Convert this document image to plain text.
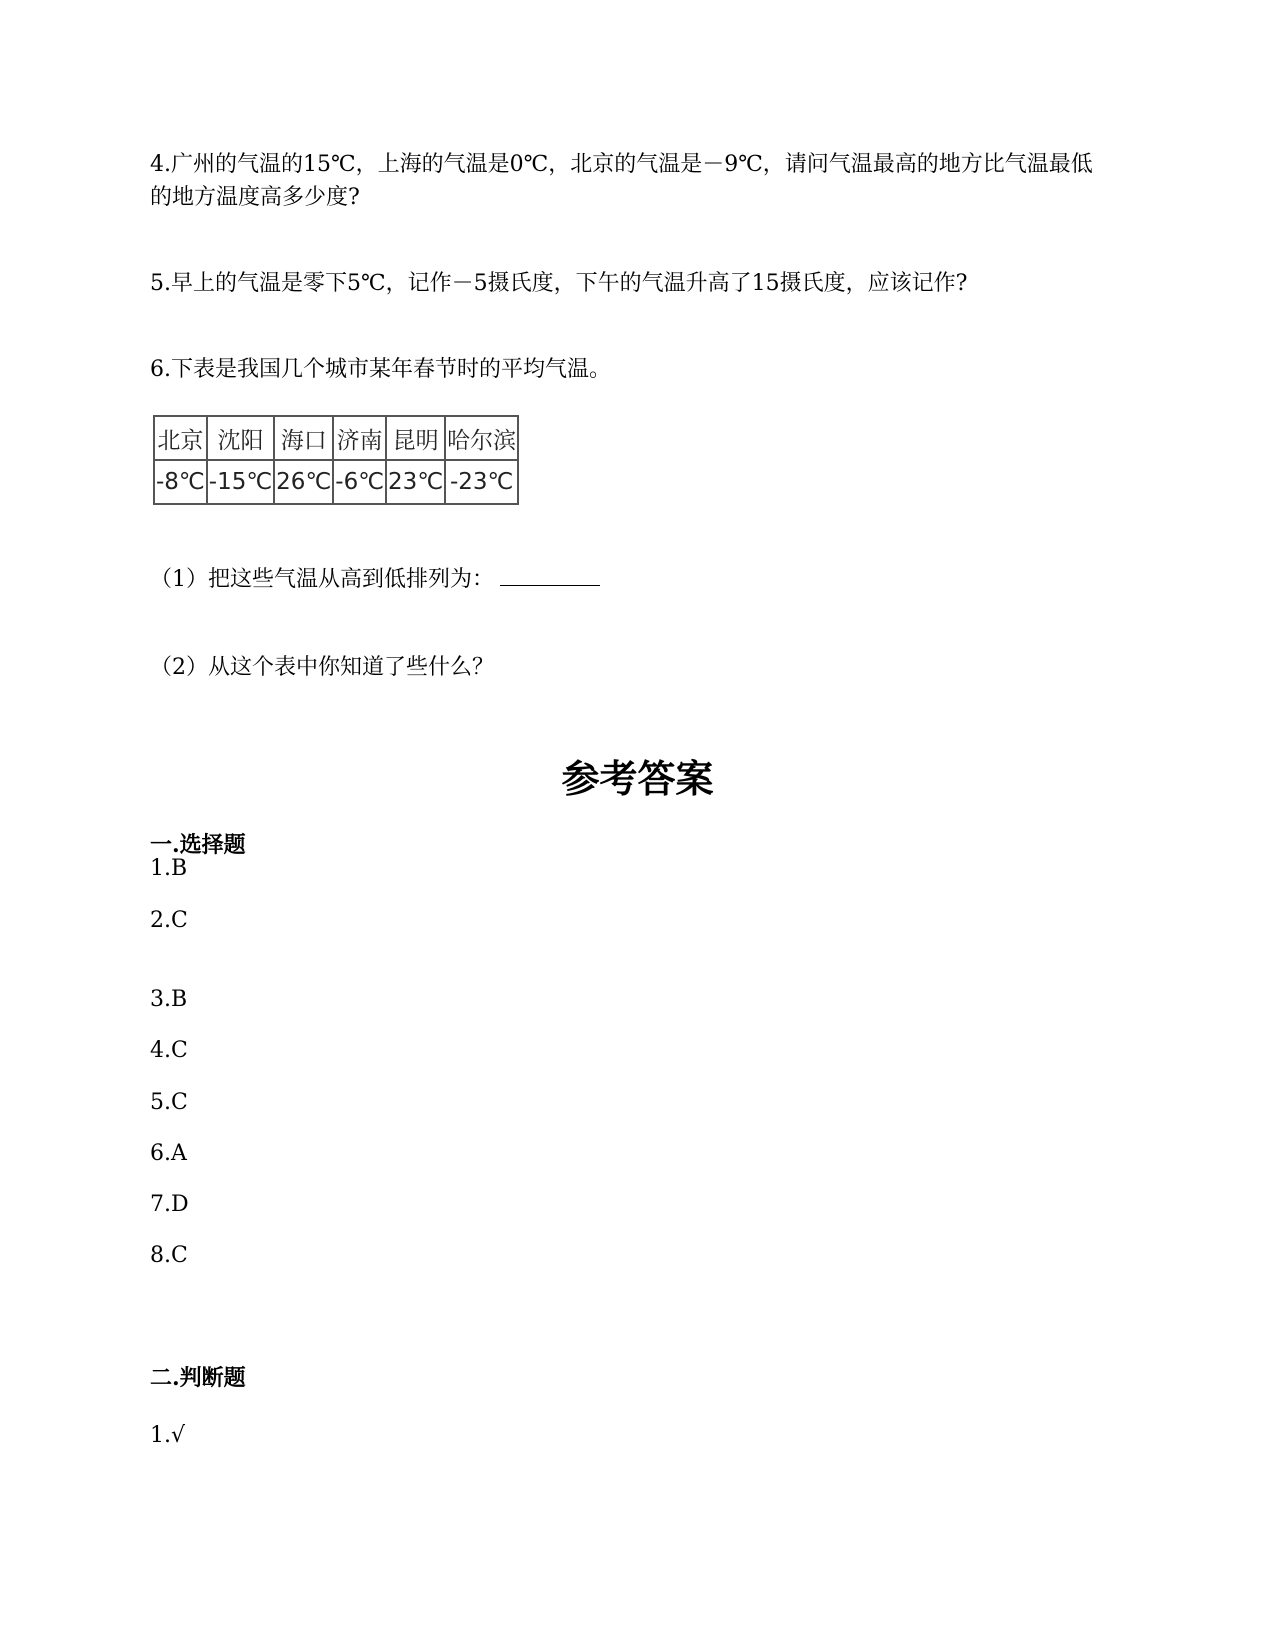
4.广州的气温的15℃，上海的气温是0℃，北京的气温是－9℃，请问气温最高的地方比气温最低的地方温度高多少度?
5.早上的气温是零下5℃，记作－5摄氏度，下午的气温升高了15摄氏度，应该记作?
6.下表是我国几个城市某年春节时的平均气温。
北京	沈阳	海口	济南	昆明	哈尔滨
-8℃	-15℃	26℃	-6℃	23℃	-23℃
（1）把这些气温从高到低排列为：
（2）从这个表中你知道了些什么？
参考答案
一.选择题
1.B
2.C
3.B
4.C
5.C
6.A
7.D
8.C
二.判断题
1.√
